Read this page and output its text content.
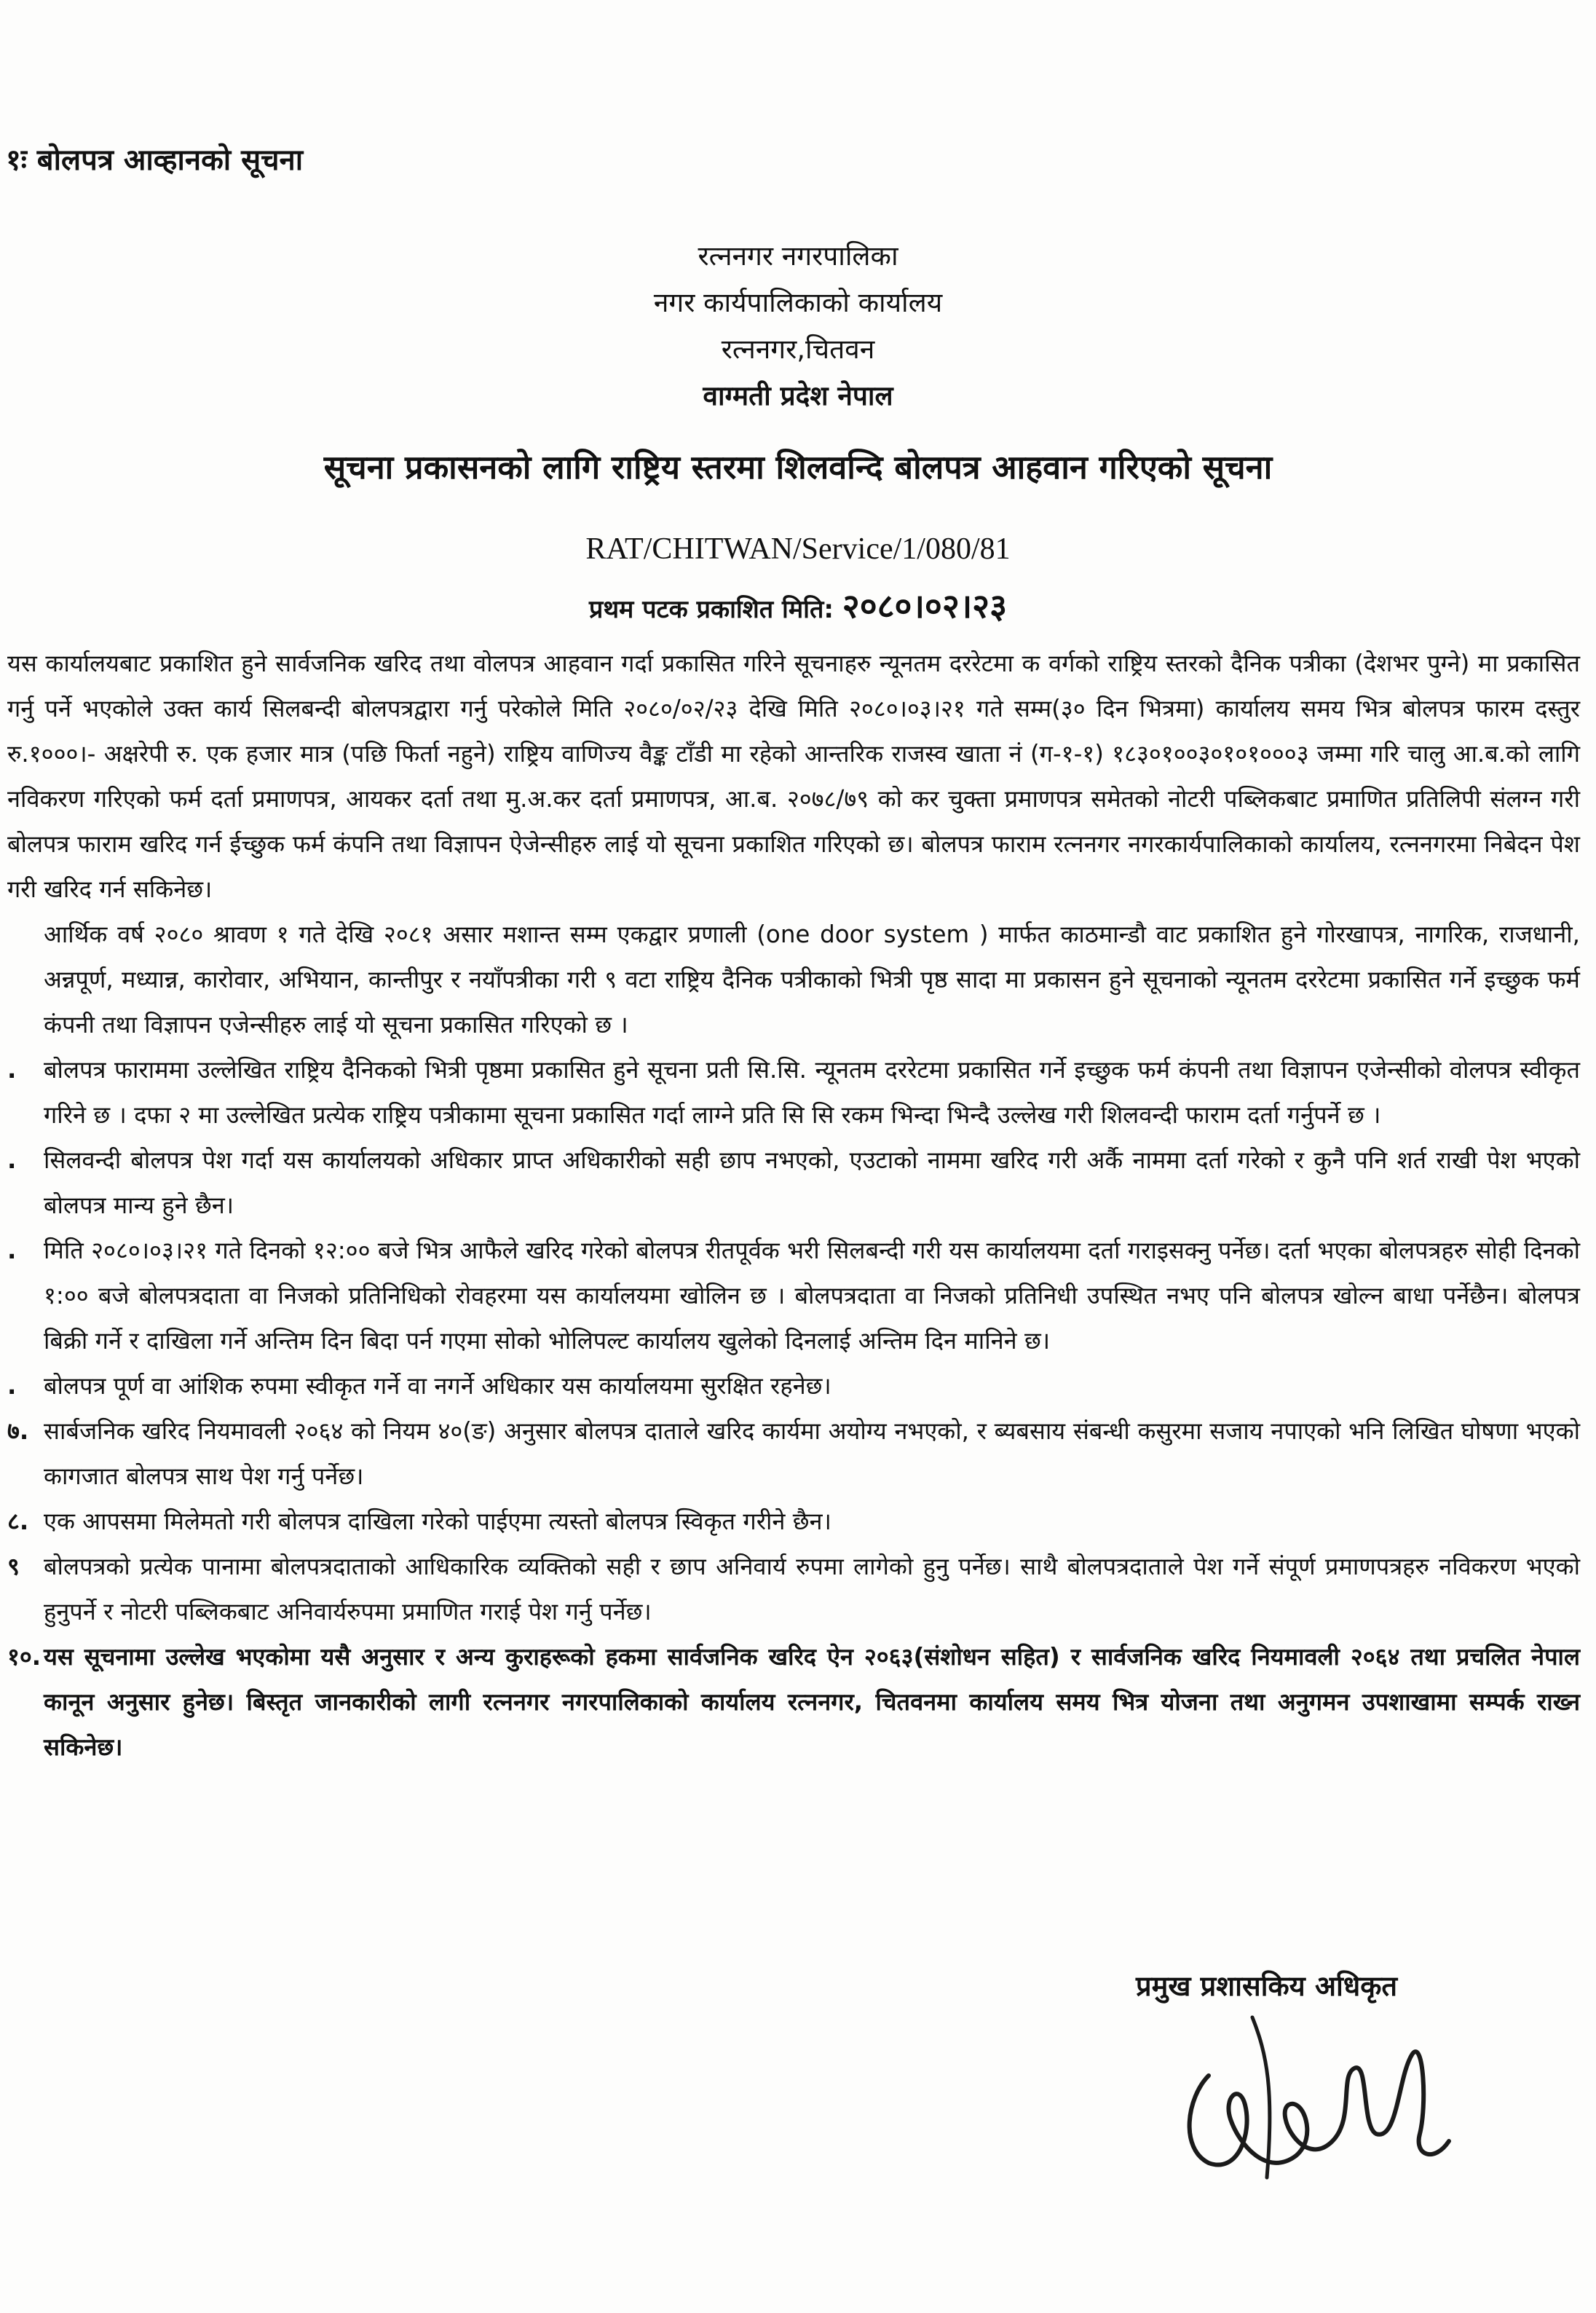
१ः बोलपत्र आव्हानको सूचना
रत्ननगर नगरपालिका
नगर कार्यपालिकाको कार्यालय
रत्ननगर,चितवन
वाग्मती प्रदेश नेपाल
सूचना प्रकासनको लागि राष्ट्रिय स्तरमा शिलवन्दि बोलपत्र आहवान गरिएको सूचना
RAT/CHITWAN/Service/1/080/81
प्रथम पटक प्रकाशित मिति: २०८०।०२।२३

यस कार्यालयबाट प्रकाशित हुने सार्वजनिक खरिद तथा वोलपत्र आहवान गर्दा प्रकासित गरिने सूचनाहरु न्यूनतम दररेटमा क वर्गको राष्ट्रिय स्तरको दैनिक पत्रीका (देशभर पुग्ने) मा प्रकासित गर्नु पर्ने भएकोले उक्त कार्य सिलबन्दी बोलपत्रद्वारा गर्नु परेकोले मिति २०८०/०२/२३ देखि मिति २०८०।०३।२१ गते सम्म(३० दिन भित्रमा) कार्यालय समय भित्र बोलपत्र फारम दस्तुर रु.१०००।- अक्षरेपी रु. एक हजार मात्र (पछि फिर्ता नहुने) राष्ट्रिय वाणिज्य वैङ्क टाँडी मा रहेको आन्तरिक राजस्व खाता नं (ग-१-१) १८३०१००३०१०१०००३ जम्मा गरि चालु आ.ब.को लागि नविकरण गरिएको फर्म दर्ता प्रमाणपत्र, आयकर दर्ता तथा मु.अ.कर दर्ता प्रमाणपत्र, आ.ब. २०७८/७९ को कर चुक्ता प्रमाणपत्र समेतको नोटरी पब्लिकबाट प्रमाणित प्रतिलिपी संलग्न गरी बोलपत्र फाराम खरिद गर्न ईच्छुक फर्म कंपनि तथा विज्ञापन ऐजेन्सीहरु लाई यो सूचना प्रकाशित गरिएको छ। बोलपत्र फाराम रत्ननगर नगरकार्यपालिकाको कार्यालय, रत्ननगरमा निबेदन पेश गरी खरिद गर्न सकिनेछ।

आर्थिक वर्ष २०८० श्रावण १ गते देखि २०८१ असार मशान्त सम्म एकद्वार प्रणाली (one door system ) मार्फत काठमान्डौ वाट प्रकाशित हुने गोरखापत्र, नागरिक, राजधानी, अन्नपूर्ण, मध्यान्न, कारोवार, अभियान, कान्तीपुर र नयाँपत्रीका गरी ९ वटा राष्ट्रिय दैनिक पत्रीकाको भित्री पृष्ठ सादा मा प्रकासन हुने सूचनाको न्यूनतम दररेटमा प्रकासित गर्ने इच्छुक फर्म कंपनी तथा विज्ञापन एजेन्सीहरु लाई यो सूचना प्रकासित गरिएको छ ।
.	बोलपत्र फाराममा उल्लेखित राष्ट्रिय दैनिकको भित्री पृष्ठमा प्रकासित हुने सूचना प्रती सि.सि. न्यूनतम दररेटमा प्रकासित गर्ने इच्छुक फर्म कंपनी तथा विज्ञापन एजेन्सीको वोलपत्र स्वीकृत गरिने छ । दफा २ मा उल्लेखित प्रत्येक राष्ट्रिय पत्रीकामा सूचना प्रकासित गर्दा लाग्ने प्रति सि सि रकम भिन्दा भिन्दै उल्लेख गरी शिलवन्दी फाराम दर्ता गर्नुपर्ने छ ।
.	सिलवन्दी बोलपत्र पेश गर्दा यस कार्यालयको अधिकार प्राप्त अधिकारीको सही छाप नभएको, एउटाको नाममा खरिद गरी अर्कै नाममा दर्ता गरेको र कुनै पनि शर्त राखी पेश भएको बोलपत्र मान्य हुने छैन।
.	मिति २०८०।०३।२१ गते दिनको १२:०० बजे भित्र आफैले खरिद गरेको बोलपत्र रीतपूर्वक भरी सिलबन्दी गरी यस कार्यालयमा दर्ता गराइसक्नु पर्नेछ। दर्ता भएका बोलपत्रहरु सोही दिनको १:०० बजे बोलपत्रदाता वा निजको प्रतिनिधिको रोवहरमा यस कार्यालयमा खोलिन छ । बोलपत्रदाता वा निजको प्रतिनिधी उपस्थित नभए पनि बोलपत्र खोल्न बाधा पर्नेछैन। बोलपत्र बिक्री गर्ने र दाखिला गर्ने अन्तिम दिन बिदा पर्न गएमा सोको भोलिपल्ट कार्यालय खुलेको दिनलाई अन्तिम दिन मानिने छ।
.	बोलपत्र पूर्ण वा आंशिक रुपमा स्वीकृत गर्ने वा नगर्ने अधिकार यस कार्यालयमा सुरक्षित रहनेछ।
७. सार्बजनिक खरिद नियमावली २०६४ को नियम ४०(ङ) अनुसार बोलपत्र दाताले खरिद कार्यमा अयोग्य नभएको, र ब्यबसाय संबन्धी कसुरमा सजाय नपाएको भनि लिखित घोषणा भएको कागजात बोलपत्र साथ पेश गर्नु पर्नेछ।
८. एक आपसमा मिलेमतो गरी बोलपत्र दाखिला गरेको पाईएमा त्यस्तो बोलपत्र स्विकृत गरीने छैन।
९	बोलपत्रको प्रत्येक पानामा बोलपत्रदाताको आधिकारिक व्यक्तिको सही र छाप अनिवार्य रुपमा लागेको हुनु पर्नेछ। साथै बोलपत्रदाताले पेश गर्ने संपूर्ण प्रमाणपत्रहरु नविकरण भएको हुनुपर्ने र नोटरी पब्लिकबाट अनिवार्यरुपमा प्रमाणित गराई पेश गर्नु पर्नेछ।
१०. यस सूचनामा उल्लेख भएकोमा यसै अनुसार र अन्य कुराहरूको हकमा सार्वजनिक खरिद ऐन २०६३(संशोधन सहित) र सार्वजनिक खरिद नियमावली २०६४ तथा प्रचलित नेपाल कानून अनुसार हुनेछ। बिस्तृत जानकारीको लागी रत्ननगर नगरपालिकाको कार्यालय रत्ननगर, चितवनमा कार्यालय समय भित्र योजना तथा अनुगमन उपशाखामा सम्पर्क राख्न सकिनेछ।
प्रमुख प्रशासकिय अधिकृत
